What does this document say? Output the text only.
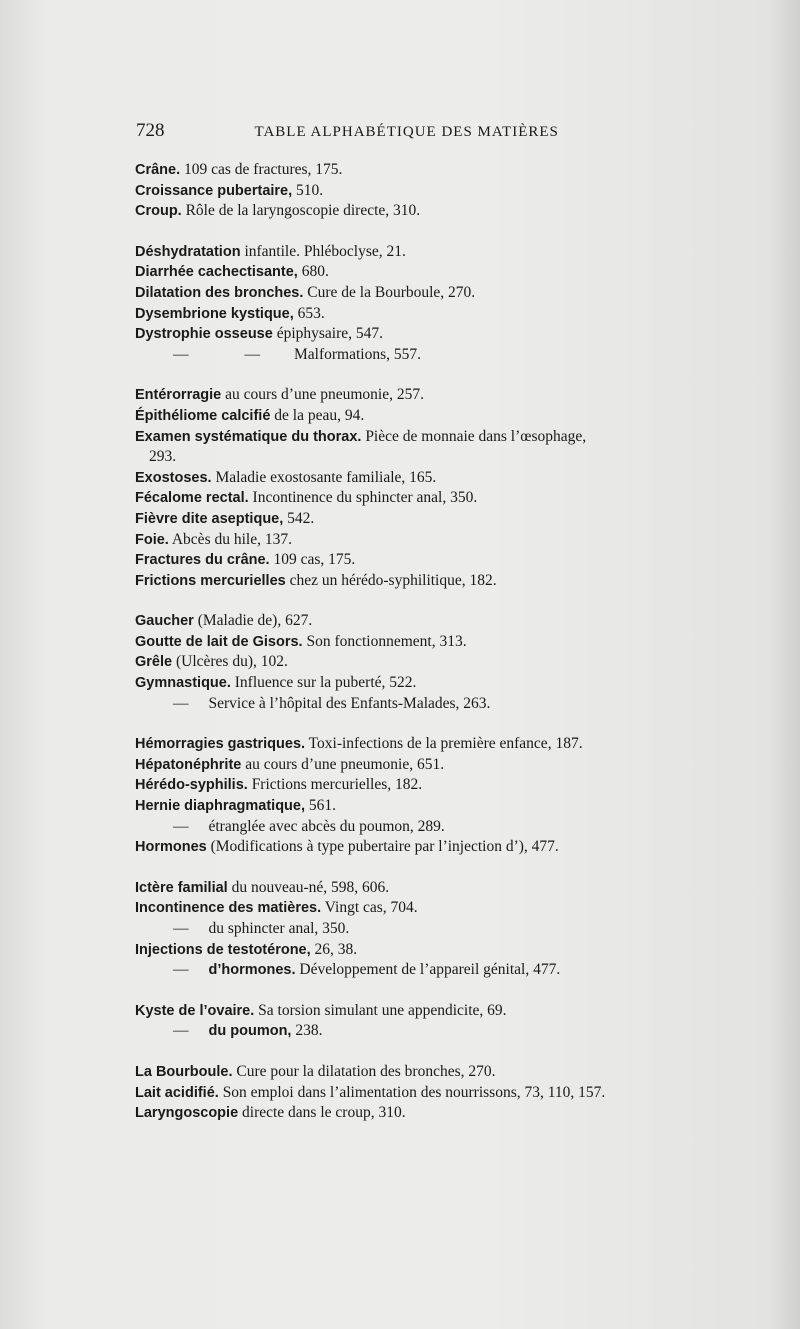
728	TABLE ALPHABÉTIQUE DES MATIÈRES
Crâne. 109 cas de fractures, 175.
Croissance pubertaire, 510.
Croup. Rôle de la laryngoscopie directe, 310.
Déshydratation infantile. Phléboclyse, 21.
Diarrhée cachectisante, 680.
Dilatation des bronches. Cure de la Bourboule, 270.
Dysembrione kystique, 653.
Dystrophie osseuse épiphysaire, 547.
—	— Malformations, 557.
Entérorragie au cours d’une pneumonie, 257.
Épithéliome calcifié de la peau, 94.
Examen systématique du thorax. Pièce de monnaie dans l’œsophage,
293.
Exostoses. Maladie exostosante familiale, 165.
Fécalome rectal. Incontinence du sphincter anal, 350.
Fièvre dite aseptique, 542.
Foie. Abcès du hile, 137.
Fractures du crâne. 109 cas, 175.
Frictions mercurielles chez un hérédo-syphilitique, 182.
Gaucher (Maladie de), 627.
Goutte de lait de Gisors. Son fonctionnement, 313.
Grêle (Ulcères du), 102.
Gymnastique. Influence sur la puberté, 522.
— Service à l’hôpital des Enfants-Malades, 263.
Hémorragies gastriques. Toxi-infections de la première enfance, 187.
Hépatonéphrite au cours d’une pneumonie, 651.
Hérédo-syphilis. Frictions mercurielles, 182.
Hernie diaphragmatique, 561.
— étranglée avec abcès du poumon, 289.
Hormones (Modifications à type pubertaire par l’injection d’), 477.
Ictère familial du nouveau-né, 598, 606.
Incontinence des matières. Vingt cas, 704.
— du sphincter anal, 350.
Injections de testotérone, 26, 38.
— d’hormones. Développement de l’appareil génital, 477.
Kyste de l’ovaire. Sa torsion simulant une appendicite, 69.
— du poumon, 238.
La Bourboule. Cure pour la dilatation des bronches, 270.
Lait acidifié. Son emploi dans l’alimentation des nourrissons, 73, 110, 157.
Laryngoscopie directe dans le croup, 310.
